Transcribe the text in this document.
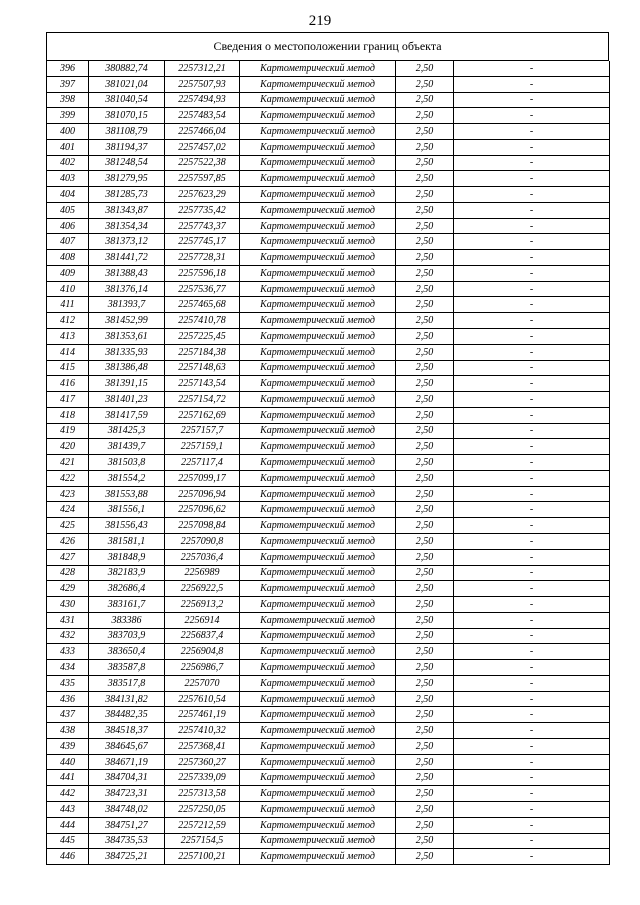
219
Сведения о местоположении границ объекта
396	380882,74	2257312,21	Картометрический метод	2,50	-
397	381021,04	2257507,93	Картометрический метод	2,50	-
398	381040,54	2257494,93	Картометрический метод	2,50	-
399	381070,15	2257483,54	Картометрический метод	2,50	-
400	381108,79	2257466,04	Картометрический метод	2,50	-
401	381194,37	2257457,02	Картометрический метод	2,50	-
402	381248,54	2257522,38	Картометрический метод	2,50	-
403	381279,95	2257597,85	Картометрический метод	2,50	-
404	381285,73	2257623,29	Картометрический метод	2,50	-
405	381343,87	2257735,42	Картометрический метод	2,50	-
406	381354,34	2257743,37	Картометрический метод	2,50	-
407	381373,12	2257745,17	Картометрический метод	2,50	-
408	381441,72	2257728,31	Картометрический метод	2,50	-
409	381388,43	2257596,18	Картометрический метод	2,50	-
410	381376,14	2257536,77	Картометрический метод	2,50	-
411	381393,7	2257465,68	Картометрический метод	2,50	-
412	381452,99	2257410,78	Картометрический метод	2,50	-
413	381353,61	2257225,45	Картометрический метод	2,50	-
414	381335,93	2257184,38	Картометрический метод	2,50	-
415	381386,48	2257148,63	Картометрический метод	2,50	-
416	381391,15	2257143,54	Картометрический метод	2,50	-
417	381401,23	2257154,72	Картометрический метод	2,50	-
418	381417,59	2257162,69	Картометрический метод	2,50	-
419	381425,3	2257157,7	Картометрический метод	2,50	-
420	381439,7	2257159,1	Картометрический метод	2,50	-
421	381503,8	2257117,4	Картометрический метод	2,50	-
422	381554,2	2257099,17	Картометрический метод	2,50	-
423	381553,88	2257096,94	Картометрический метод	2,50	-
424	381556,1	2257096,62	Картометрический метод	2,50	-
425	381556,43	2257098,84	Картометрический метод	2,50	-
426	381581,1	2257090,8	Картометрический метод	2,50	-
427	381848,9	2257036,4	Картометрический метод	2,50	-
428	382183,9	2256989	Картометрический метод	2,50	-
429	382686,4	2256922,5	Картометрический метод	2,50	-
430	383161,7	2256913,2	Картометрический метод	2,50	-
431	383386	2256914	Картометрический метод	2,50	-
432	383703,9	2256837,4	Картометрический метод	2,50	-
433	383650,4	2256904,8	Картометрический метод	2,50	-
434	383587,8	2256986,7	Картометрический метод	2,50	-
435	383517,8	2257070	Картометрический метод	2,50	-
436	384131,82	2257610,54	Картометрический метод	2,50	-
437	384482,35	2257461,19	Картометрический метод	2,50	-
438	384518,37	2257410,32	Картометрический метод	2,50	-
439	384645,67	2257368,41	Картометрический метод	2,50	-
440	384671,19	2257360,27	Картометрический метод	2,50	-
441	384704,31	2257339,09	Картометрический метод	2,50	-
442	384723,31	2257313,58	Картометрический метод	2,50	-
443	384748,02	2257250,05	Картометрический метод	2,50	-
444	384751,27	2257212,59	Картометрический метод	2,50	-
445	384735,53	2257154,5	Картометрический метод	2,50	-
446	384725,21	2257100,21	Картометрический метод	2,50	-
